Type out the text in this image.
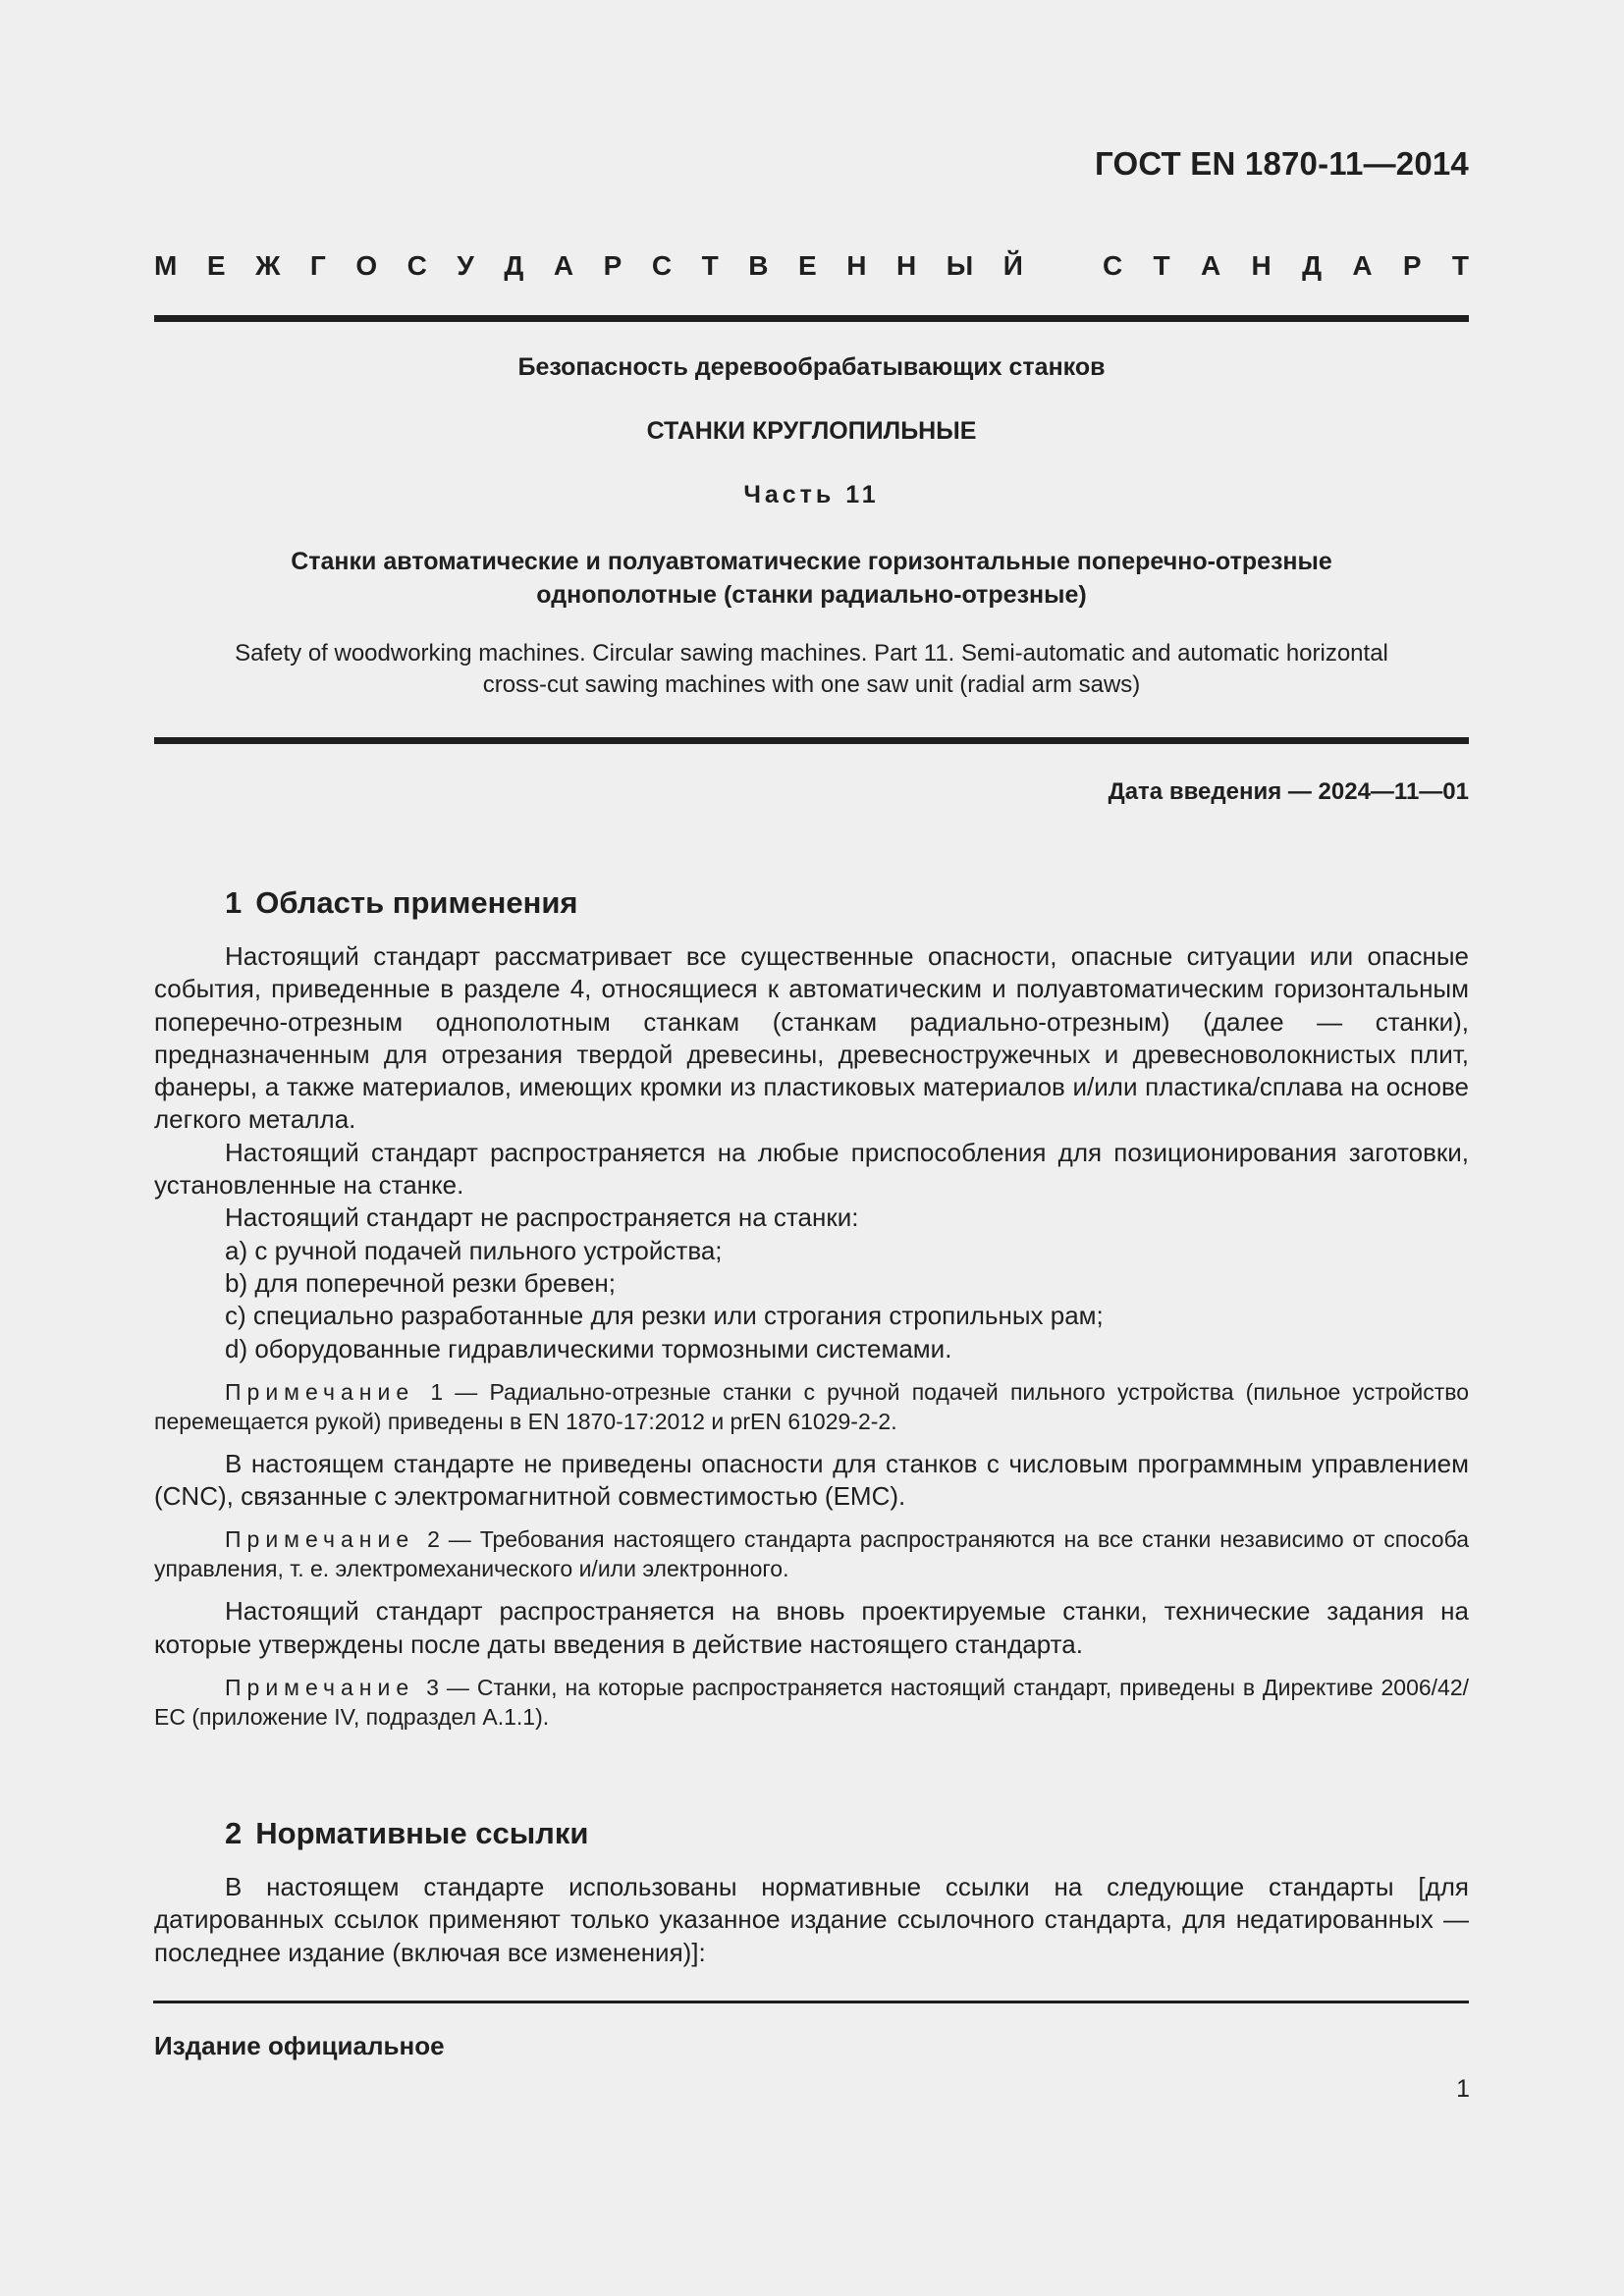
ГОСТ EN 1870-11—2014
М Е Ж Г О С У Д А Р С Т В Е Н Н Ы Й	С Т А Н Д А Р Т
Безопасность деревообрабатывающих станков
СТАНКИ КРУГЛОПИЛЬНЫЕ
Часть 11
Станки автоматические и полуавтоматические горизонтальные поперечно-отрезные однополотные (станки радиально-отрезные)
Safety of woodworking machines. Circular sawing machines. Part 11. Semi-automatic and automatic horizontal cross-cut sawing machines with one saw unit (radial arm saws)
Дата введения — 2024—11—01
1 Область применения

Настоящий стандарт рассматривает все существенные опасности, опасные ситуации или опасные события, приведенные в разделе 4, относящиеся к автоматическим и полуавтоматическим горизонтальным поперечно-отрезным однополотным станкам (станкам радиально-отрезным) (далее — станки), предназначенным для отрезания твердой древесины, древесностружечных и древесноволокнистых плит, фанеры, а также материалов, имеющих кромки из пластиковых материалов и/или пластика/сплава на основе легкого металла.

Настоящий стандарт распространяется на любые приспособления для позиционирования заготовки, установленные на станке.

Настоящий стандарт не распространяется на станки:

a) с ручной подачей пильного устройства;

b) для поперечной резки бревен;

c) специально разработанные для резки или строгания стропильных рам;

d) оборудованные гидравлическими тормозными системами.

Примечание 1 — Радиально-отрезные станки с ручной подачей пильного устройства (пильное устройство перемещается рукой) приведены в EN 1870-17:2012 и prEN 61029-2-2.

В настоящем стандарте не приведены опасности для станков с числовым программным управлением (CNC), связанные с электромагнитной совместимостью (EMC).

Примечание 2 — Требования настоящего стандарта распространяются на все станки независимо от способа управления, т. е. электромеханического и/или электронного.

Настоящий стандарт распространяется на вновь проектируемые станки, технические задания на которые утверждены после даты введения в действие настоящего стандарта.

Примечание 3 — Станки, на которые распространяется настоящий стандарт, приведены в Директиве 2006/42/ЕС (приложение IV, подраздел А.1.1).

2 Нормативные ссылки

В настоящем стандарте использованы нормативные ссылки на следующие стандарты [для датированных ссылок применяют только указанное издание ссылочного стандарта, для недатированных — последнее издание (включая все изменения)]:

Издание официальное
1
